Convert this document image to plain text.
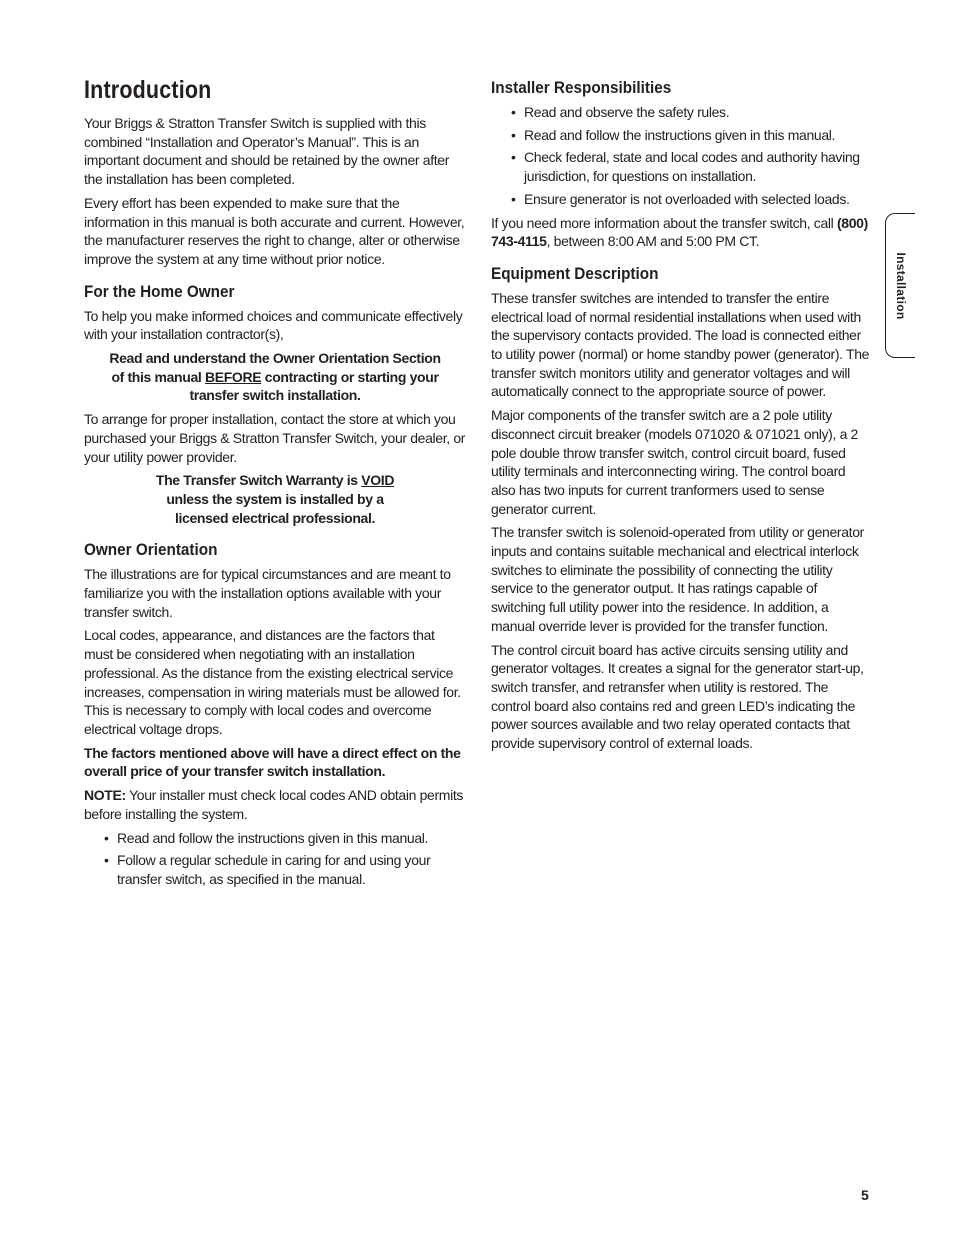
Introduction

Your Briggs & Stratton Transfer Switch is supplied with this combined “Installation and Operator’s Manual”. This is an important document and should be retained by the owner after the installation has been completed.

Every effort has been expended to make sure that the information in this manual is both accurate and current. However, the manufacturer reserves the right to change, alter or otherwise improve the system at any time without prior notice.

For the Home Owner

To help you make informed choices and communicate effectively with your installation contractor(s),

Read and understand the Owner Orientation Section
of this manual BEFORE contracting or starting your
transfer switch installation.

To arrange for proper installation, contact the store at which you purchased your Briggs & Stratton Transfer Switch, your dealer, or your utility power provider.

The Transfer Switch Warranty is VOID
unless the system is installed by a
licensed electrical professional.

Owner Orientation

The illustrations are for typical circumstances and are meant to familiarize you with the installation options available with your transfer switch.

Local codes, appearance, and distances are the factors that must be considered when negotiating with an installation professional. As the distance from the existing electrical service increases, compensation in wiring materials must be allowed for. This is necessary to comply with local codes and overcome electrical voltage drops.

The factors mentioned above will have a direct effect on the overall price of your transfer switch installation.

NOTE: Your installer must check local codes AND obtain permits before installing the system.

• Read and follow the instructions given in this manual.
• Follow a regular schedule in caring for and using your transfer switch, as specified in the manual.
Installer Responsibilities
• Read and observe the safety rules.
• Read and follow the instructions given in this manual.
• Check federal, state and local codes and authority having jurisdiction, for questions on installation.
• Ensure generator is not overloaded with selected loads.

If you need more information about the transfer switch, call (800) 743-4115, between 8:00 AM and 5:00 PM CT.

Equipment Description

These transfer switches are intended to transfer the entire electrical load of normal residential installations when used with the supervisory contacts provided. The load is connected either to utility power (normal) or home standby power (generator). The transfer switch monitors utility and generator voltages and will automatically connect to the appropriate source of power.

Major components of the transfer switch are a 2 pole utility disconnect circuit breaker (models 071020 & 071021 only), a 2 pole double throw transfer switch, control circuit board, fused utility terminals and interconnecting wiring. The control board also has two inputs for current tranformers used to sense generator current.

The transfer switch is solenoid-operated from utility or generator inputs and contains suitable mechanical and electrical interlock switches to eliminate the possibility of connecting the utility service to the generator output. It has ratings capable of switching full utility power into the residence. In addition, a manual override lever is provided for the transfer function.

The control circuit board has active circuits sensing utility and generator voltages. It creates a signal for the generator start-up, switch transfer, and retransfer when utility is restored. The control board also contains red and green LED’s indicating the power sources available and two relay operated contacts that provide supervisory control of external loads.

Installation
5
